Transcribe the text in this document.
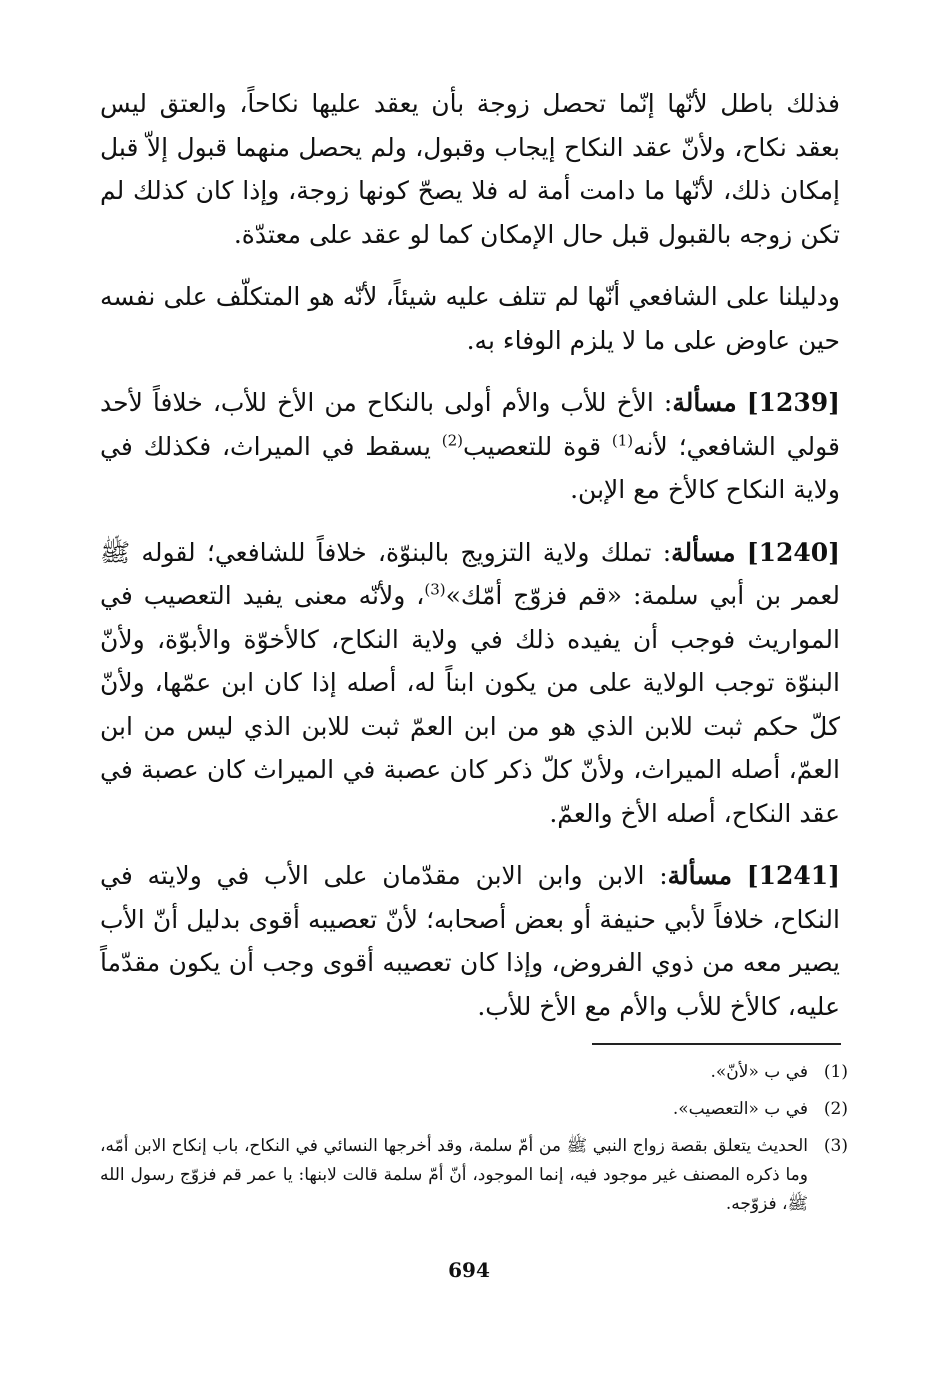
فذلك باطل لأنّها إنّما تحصل زوجة بأن يعقد عليها نكاحاً، والعتق ليس بعقد نكاح، ولأنّ عقد النكاح إيجاب وقبول، ولم يحصل منهما قبول إلاّ قبل إمكان ذلك، لأنّها ما دامت أمة له فلا يصحّ كونها زوجة، وإذا كان كذلك لم تكن زوجه بالقبول قبل حال الإمكان كما لو عقد على معتدّة.

ودليلنا على الشافعي أنّها لم تتلف عليه شيئاً، لأنّه هو المتكلّف على نفسه حين عاوض على ما لا يلزم الوفاء به.

[1239] مسألة: الأخ للأب والأم أولى بالنكاح من الأخ للأب، خلافاً لأحد قولي الشافعي؛ لأنه$^{(1)}$ قوة للتعصيب$^{(2)}$ يسقط في الميراث، فكذلك في ولاية النكاح كالأخ مع الإبن.

[1240] مسألة: تملك ولاية التزويج بالبنوّة، خلافاً للشافعي؛ لقوله ﷺ لعمر بن أبي سلمة: «قم فزوّج أمّك»$^{(3)}$، ولأنّه معنى يفيد التعصيب في المواريث فوجب أن يفيده ذلك في ولاية النكاح، كالأخوّة والأبوّة، ولأنّ البنوّة توجب الولاية على من يكون ابناً له، أصله إذا كان ابن عمّها، ولأنّ كلّ حكم ثبت للابن الذي هو من ابن العمّ ثبت للابن الذي ليس من ابن العمّ، أصله الميراث، ولأنّ كلّ ذكر كان عصبة في الميراث كان عصبة في عقد النكاح، أصله الأخ والعمّ.

[1241] مسألة: الابن وابن الابن مقدّمان على الأب في ولايته في النكاح، خلافاً لأبي حنيفة أو بعض أصحابه؛ لأنّ تعصيبه أقوى بدليل أنّ الأب يصير معه من ذوي الفروض، وإذا كان تعصيبه أقوى وجب أن يكون مقدّماً عليه، كالأخ للأب والأم مع الأخ للأب.

(1)
في ب «لأنّ».
(2)
في ب «التعصيب».
(3)
الحديث يتعلق بقصة زواج النبي ﷺ من أمّ سلمة، وقد أخرجها النسائي في النكاح، باب إنكاح الابن أمّه، وما ذكره المصنف غير موجود فيه، إنما الموجود، أنّ أمّ سلمة قالت لابنها: يا عمر قم فزوّج رسول الله ﷺ، فزوّجه.
694
